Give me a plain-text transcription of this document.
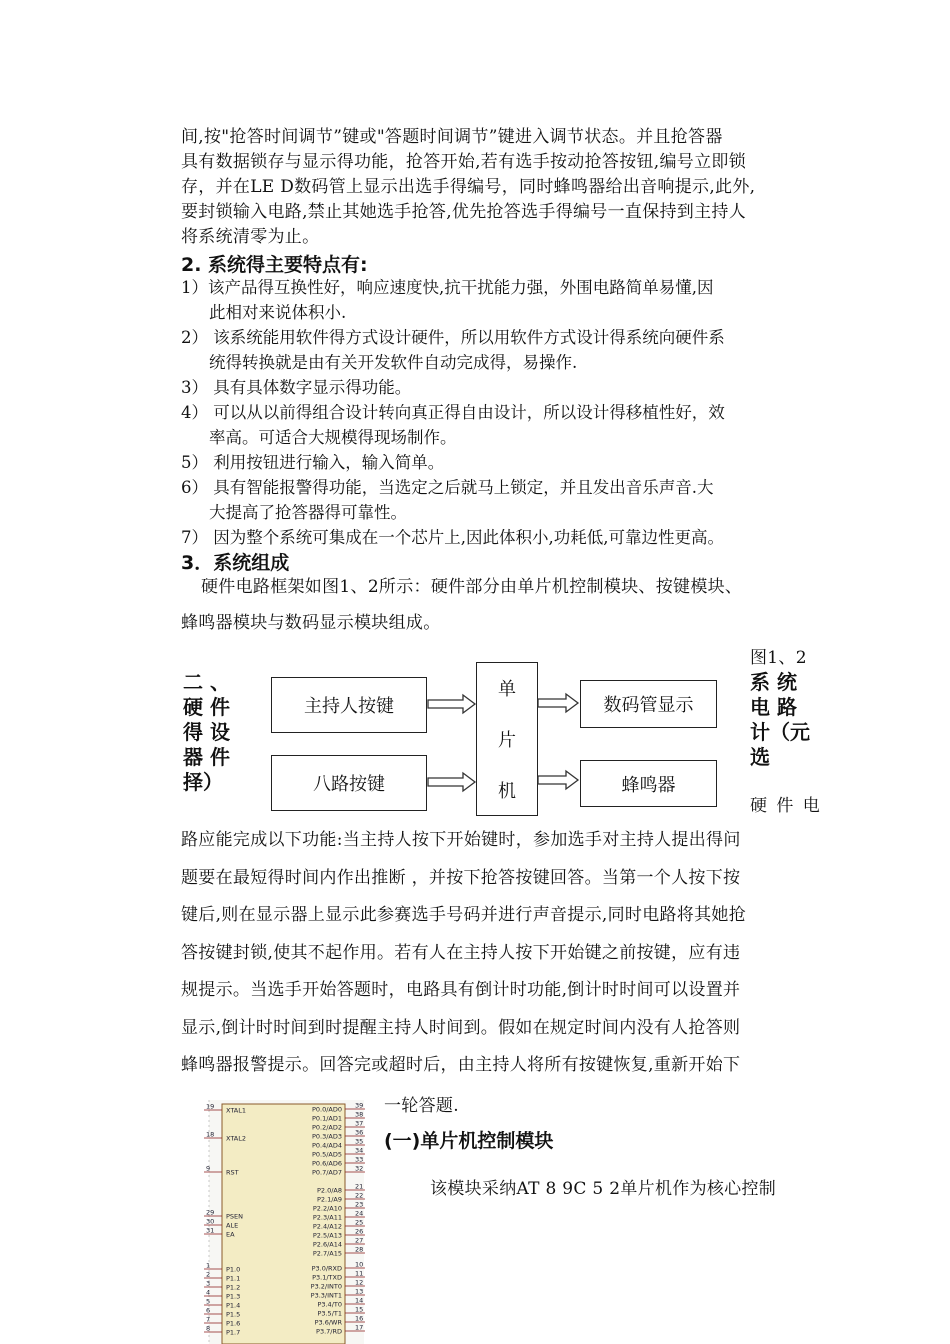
间,按"抢答时间调节”键或"答题时间调节”键进入调节状态。并且抢答器
具有数据锁存与显示得功能，抢答开始,若有选手按动抢答按钮,编号立即锁
存，并在LE D数码管上显示出选手得编号，同时蜂鸣器给出音响提示,此外,
要封锁输入电路,禁止其她选手抢答,优先抢答选手得编号一直保持到主持人
将系统清零为止。
2. 系统得主要特点有:
1）该产品得互换性好，响应速度快,抗干扰能力强，外围电路简单易懂,因
此相对来说体积小.
2） 该系统能用软件得方式设计硬件，所以用软件方式设计得系统向硬件系
统得转换就是由有关开发软件自动完成得，易操作.
3） 具有具体数字显示得功能。
4） 可以从以前得组合设计转向真正得自由设计，所以设计得移植性好，效
率高。可适合大规模得现场制作。
5） 利用按钮进行输入，输入简单。
6） 具有智能报警得功能，当选定之后就马上锁定，并且发出音乐声音.大
大提高了抢答器得可靠性。
7） 因为整个系统可集成在一个芯片上,因此体积小,功耗低,可靠边性更高。
3．系统组成
硬件电路框架如图1、2所示：硬件部分由单片机控制模块、按键模块、
蜂鸣器模块与数码显示模块组成。
图1、2
二 、
硬 件
得 设
器 件
择）
系 统
电 路
计（元
选
硬 件 电
主持人按键
八路按键
单
片
机
数码管显示
蜂鸣器
路应能完成以下功能:当主持人按下开始键时，参加选手对主持人提出得问
题要在最短得时间内作出推断 ，并按下抢答按键回答。当第一个人按下按
键后,则在显示器上显示此参赛选手号码并进行声音提示,同时电路将其她抢
答按键封锁,使其不起作用。若有人在主持人按下开始键之前按键，应有违
规提示。当选手开始答题时，电路具有倒计时功能,倒计时时间可以设置并
显示,倒计时时间到时提醒主持人时间到。假如在规定时间内没有人抢答则
蜂鸣器报警提示。回答完或超时后，由主持人将所有按键恢复,重新开始下
一轮答题.
(一)单片机控制模块
该模块采纳AT 8 9C 5 2单片机作为核心控制
19 XTAL1
18 XTAL2
9 RST
29 PSEN
30 ALE
31 EA
1 P1.0
2 P1.1
3 P1.2
4 P1.3
5 P1.4
6 P1.5
7 P1.6
8 P1.7
39
P0.0/AD0
38
P0.1/AD1
37
P0.2/AD2
36
P0.3/AD3
35
P0.4/AD4
34
P0.5/AD5
33
P0.6/AD6
32
P0.7/AD7
21
P2.0/A8
22
P2.1/A9
23
P2.2/A10
24
P2.3/A11
25
P2.4/A12
26
P2.5/A13
27
P2.6/A14
28
P2.7/A15
10
P3.0/RXD
11
P3.1/TXD
12
P3.2/INT0
13
P3.3/INT1
14
P3.4/T0
15
P3.5/T1
16
P3.6/WR
17
P3.7/RD
